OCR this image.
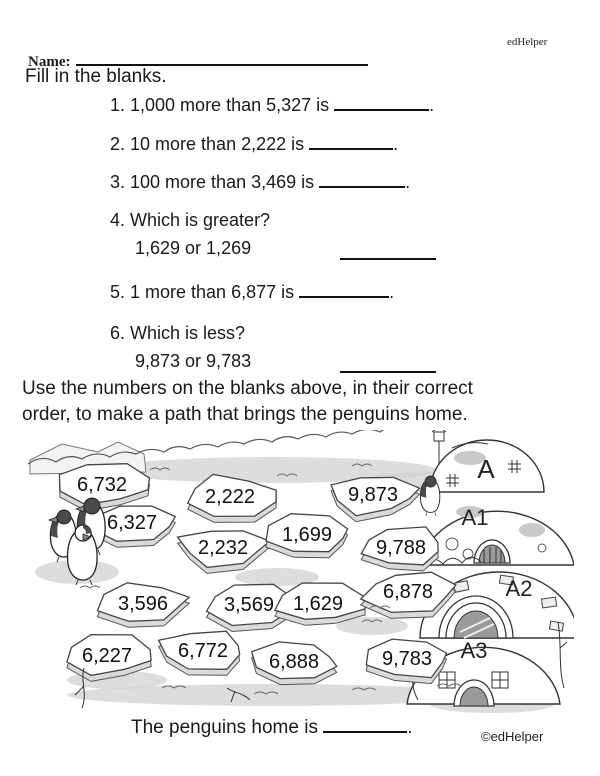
edHelper
Name:
Fill in the blanks.
1. 1,000 more than 5,327 is	.
2. 10 more than 2,222 is	.
3. 100 more than 3,469 is	.
4. Which is greater?
1,629 or 1,269
5. 1 more than 6,877 is	.
6. Which is less?
9,873 or 9,783
Use the numbers on the blanks above, in their correct
order, to make a path that brings the penguins home.
A
A1
A2
A3
6,732
2,222	9,873
6,327
2,232
1,699
9,788
3,596	3,569 1,629
6,878
6,227 6,772 6,888	9,783
The penguins home is	.	©edHelper
